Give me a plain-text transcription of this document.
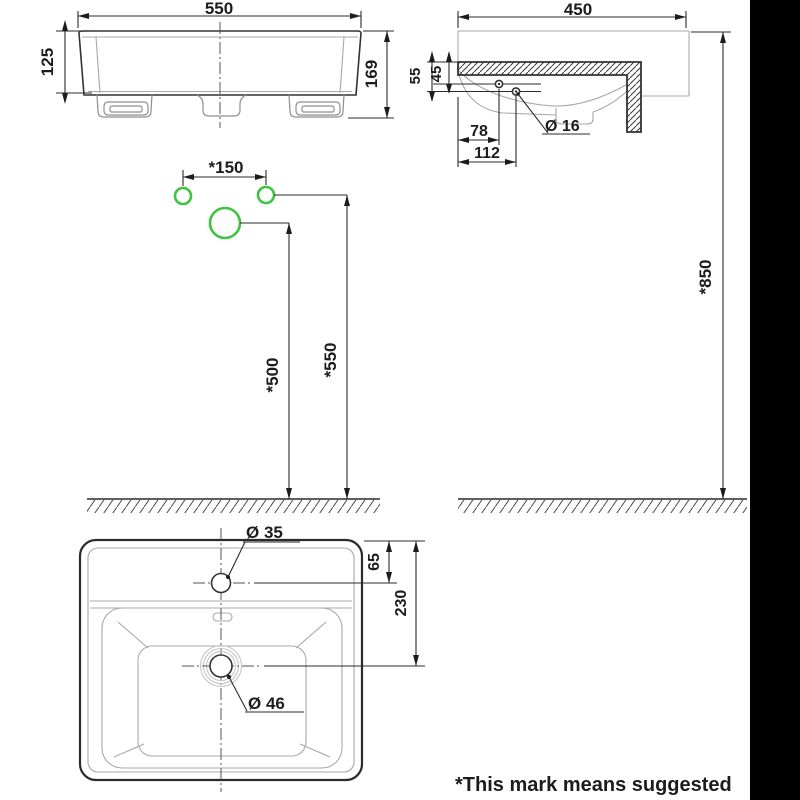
550
125	169 55 45
450
78
112
Ø 16
*850
*150
*550
*500
Ø 35
Ø 46
65
230
*This mark means suggested
